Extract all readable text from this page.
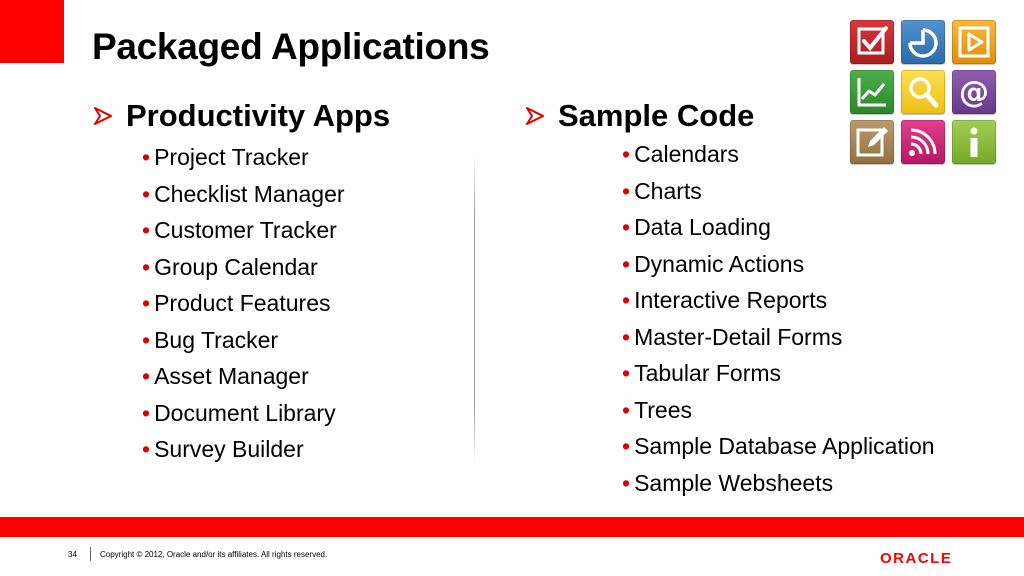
Packaged Applications
@
Productivity Apps
• Project Tracker
• Checklist Manager
• Customer Tracker
• Group Calendar
• Product Features
• Bug Tracker
• Asset Manager
• Document Library
• Survey Builder
Sample Code
• Calendars
• Charts
• Data Loading
• Dynamic Actions
• Interactive Reports
• Master-Detail Forms
• Tabular Forms
• Trees
• Sample Database Application
• Sample Websheets
34	Copyright © 2012, Oracle and/or its affiliates. All rights reserved.	ORACLE
